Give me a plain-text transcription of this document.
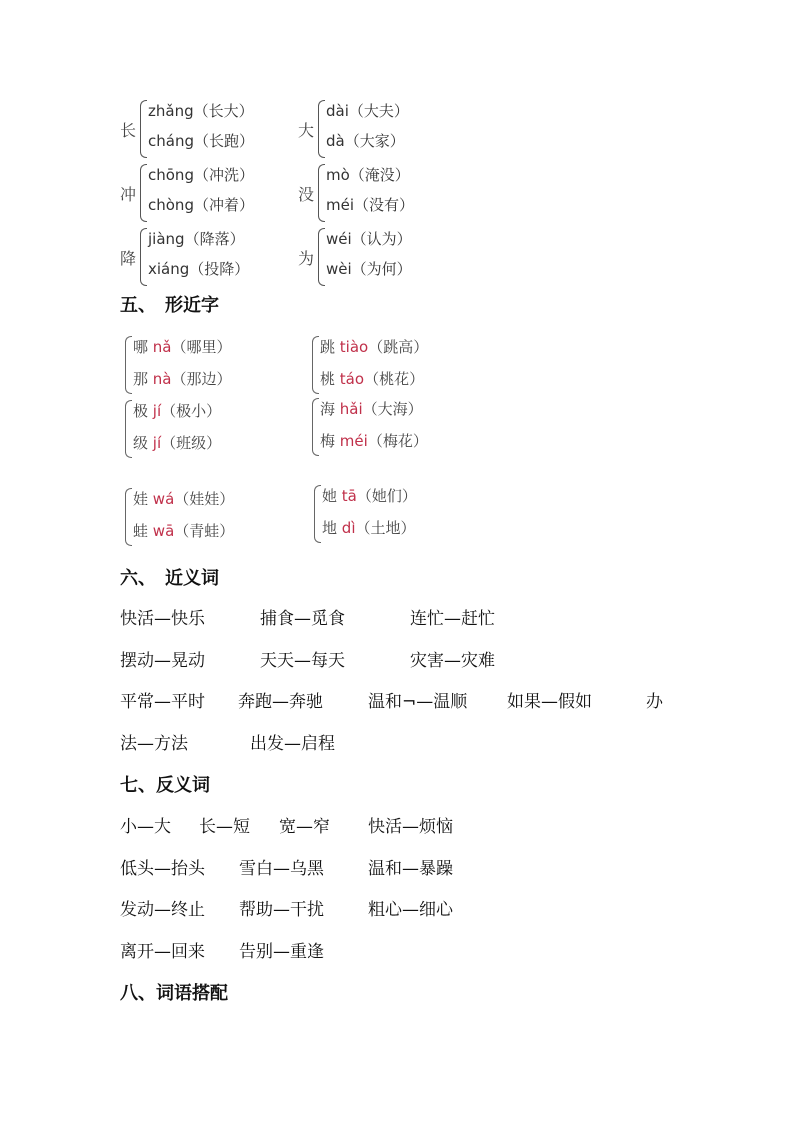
长
zhǎng（长大）
cháng（长跑）
大
dài（大夫）
dà（大家）
冲
chōng（冲洗）
chòng（冲着）
没
mò（淹没）
méi（没有）
降
jiàng（降落）
xiáng（投降）
为
wéi（认为）
wèi（为何）
五、　形近字
哪 nǎ（哪里）
那 nà（那边）
跳 tiào（跳高）
桃 táo（桃花）
极 jí（极小）
级 jí（班级）
海 hǎi（大海）
梅 méi（梅花）
娃 wá（娃娃）
蛙 wā（青蛙）
她 tā（她们）
地 dì（土地）
六、　近义词
快活—快乐	捕食—觅食	连忙—赶忙
摆动—晃动	天天—每天	灾害—灾难
平常—平时 奔跑—奔驰	温和¬—温顺 如果—假如	办
法—方法	出发—启程
七、反义词
小—大 长—短 宽—窄 快活—烦恼
低头—抬头 雪白—乌黑	温和—暴躁
发动—终止 帮助—干扰	粗心—细心
离开—回来 告别—重逢
八、词语搭配
